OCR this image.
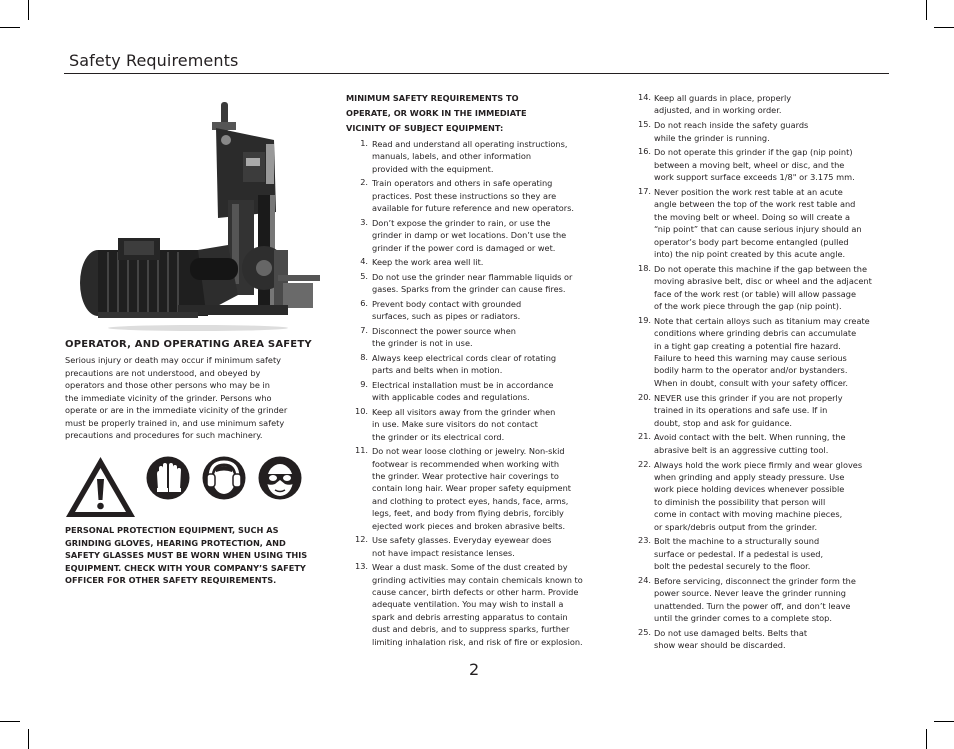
Safety Requirements
OPERATOR, AND OPERATING AREA SAFETY

Serious injury or death may occur if minimum safety
precautions are not understood, and obeyed by
operators and those other persons who may be in
the immediate vicinity of the grinder. Persons who
operate or are in the immediate vicinity of the grinder
must be properly trained in, and use minimum safety
precautions and procedures for such machinery.

PERSONAL PROTECTION EQUIPMENT, SUCH AS
GRINDING GLOVES, HEARING PROTECTION, AND
SAFETY GLASSES MUST BE WORN WHEN USING THIS
EQUIPMENT. CHECK WITH YOUR COMPANY’S SAFETY
OFFICER FOR OTHER SAFETY REQUIREMENTS.

MINIMUM SAFETY REQUIREMENTS TO
OPERATE, OR WORK IN THE IMMEDIATE
VICINITY OF SUBJECT EQUIPMENT:

1. Read and understand all operating instructions,
manuals, labels, and other information
provided with the equipment.
2. Train operators and others in safe operating
practices. Post these instructions so they are
available for future reference and new operators.
3. Don’t expose the grinder to rain, or use the
grinder in damp or wet locations. Don’t use the
grinder if the power cord is damaged or wet.
4. Keep the work area well lit.
5. Do not use the grinder near flammable liquids or
gases. Sparks from the grinder can cause fires.
6. Prevent body contact with grounded
surfaces, such as pipes or radiators.
7. Disconnect the power source when
the grinder is not in use.
8. Always keep electrical cords clear of rotating
parts and belts when in motion.
9. Electrical installation must be in accordance
with applicable codes and regulations.
10. Keep all visitors away from the grinder when
in use. Make sure visitors do not contact
the grinder or its electrical cord.
11. Do not wear loose clothing or jewelry. Non-skid
footwear is recommended when working with
the grinder. Wear protective hair coverings to
contain long hair. Wear proper safety equipment
and clothing to protect eyes, hands, face, arms,
legs, feet, and body from flying debris, forcibly
ejected work pieces and broken abrasive belts.
12. Use safety glasses. Everyday eyewear does
not have impact resistance lenses.
13. Wear a dust mask. Some of the dust created by
grinding activities may contain chemicals known to
cause cancer, birth defects or other harm. Provide
adequate ventilation. You may wish to install a
spark and debris arresting apparatus to contain
dust and debris, and to suppress sparks, further
limiting inhalation risk, and risk of fire or explosion.
14. Keep all guards in place, properly
adjusted, and in working order.
15. Do not reach inside the safety guards
while the grinder is running.
16. Do not operate this grinder if the gap (nip point)
between a moving belt, wheel or disc, and the
work support surface exceeds 1/8" or 3.175 mm.
17. Never position the work rest table at an acute
angle between the top of the work rest table and
the moving belt or wheel. Doing so will create a
“nip point” that can cause serious injury should an
operator’s body part become entangled (pulled
into) the nip point created by this acute angle.
18. Do not operate this machine if the gap between the
moving abrasive belt, disc or wheel and the adjacent
face of the work rest (or table) will allow passage
of the work piece through the gap (nip point).
19. Note that certain alloys such as titanium may create
conditions where grinding debris can accumulate
in a tight gap creating a potential fire hazard.
Failure to heed this warning may cause serious
bodily harm to the operator and/or bystanders.
When in doubt, consult with your safety officer.
20. NEVER use this grinder if you are not properly
trained in its operations and safe use. If in
doubt, stop and ask for guidance.
21. Avoid contact with the belt. When running, the
abrasive belt is an aggressive cutting tool.
22. Always hold the work piece firmly and wear gloves
when grinding and apply steady pressure. Use
work piece holding devices whenever possible
to diminish the possibility that person will
come in contact with moving machine pieces,
or spark/debris output from the grinder.
23. Bolt the machine to a structurally sound
surface or pedestal. If a pedestal is used,
bolt the pedestal securely to the floor.
24. Before servicing, disconnect the grinder form the
power source. Never leave the grinder running
unattended. Turn the power off, and don’t leave
until the grinder comes to a complete stop.
25. Do not use damaged belts. Belts that
show wear should be discarded.
2
